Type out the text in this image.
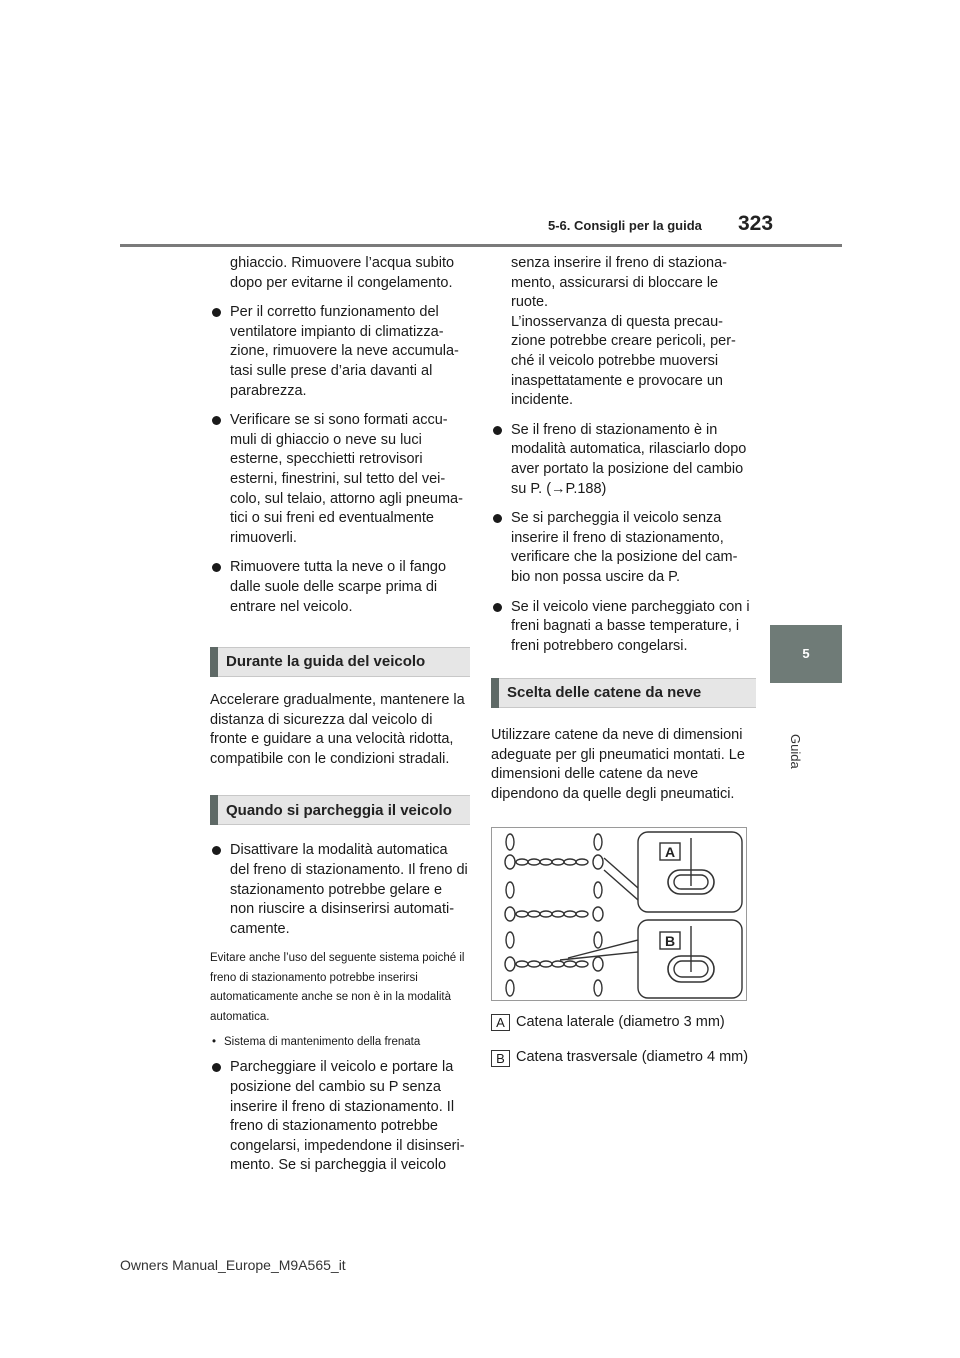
5-6. Consigli per la guida 323
5
Guida

ghiaccio. Rimuovere l’acqua subito dopo per evitarne il congelamento.

Per il corretto funzionamento del ventilatore impianto di climatizza-zione, rimuovere la neve accumula-tasi sulle prese d’aria davanti al parabrezza.
Verificare se si sono formati accu-muli di ghiaccio o neve su luci esterne, specchietti retrovisori esterni, finestrini, sul tetto del vei-colo, sul telaio, attorno agli pneuma-tici o sui freni ed eventualmente rimuoverli.
Rimuovere tutta la neve o il fango dalle suole delle scarpe prima di entrare nel veicolo.
Durante la guida del veicolo

Accelerare gradualmente, mantenere la distanza di sicurezza dal veicolo di fronte e guidare a una velocità ridotta, compatibile con le condizioni stradali.

Quando si parcheggia il veicolo
Disattivare la modalità automatica del freno di stazionamento. Il freno di stazionamento potrebbe gelare e non riuscire a disinserirsi automati-camente.

Evitare anche l’uso del seguente sistema poiché il freno di stazionamento potrebbe inserirsi automaticamente anche se non è in la modalità automatica.

• Sistema di mantenimento della frenata
Parcheggiare il veicolo e portare la posizione del cambio su P senza inserire il freno di stazionamento. Il freno di stazionamento potrebbe congelarsi, impedendone il disinseri-mento. Se si parcheggia il veicolo

senza inserire il freno di staziona-mento, assicurarsi di bloccare le ruote.

L’inosservanza di questa precau-zione potrebbe creare pericoli, per-ché il veicolo potrebbe muoversi inaspettatamente e provocare un incidente.

Se il freno di stazionamento è in modalità automatica, rilasciarlo dopo aver portato la posizione del cambio su P. (→P.188)
Se si parcheggia il veicolo senza inserire il freno di stazionamento, verificare che la posizione del cam-bio non possa uscire da P.
Se il veicolo viene parcheggiato con i freni bagnati a basse temperature, i freni potrebbero congelarsi.
Scelta delle catene da neve

Utilizzare catene da neve di dimensioni adeguate per gli pneumatici montati. Le dimensioni delle catene da neve dipendono da quelle degli pneumatici.

A
B
A Catena laterale (diametro 3 mm)
B Catena trasversale (diametro 4 mm)
Owners Manual_Europe_M9A565_it
